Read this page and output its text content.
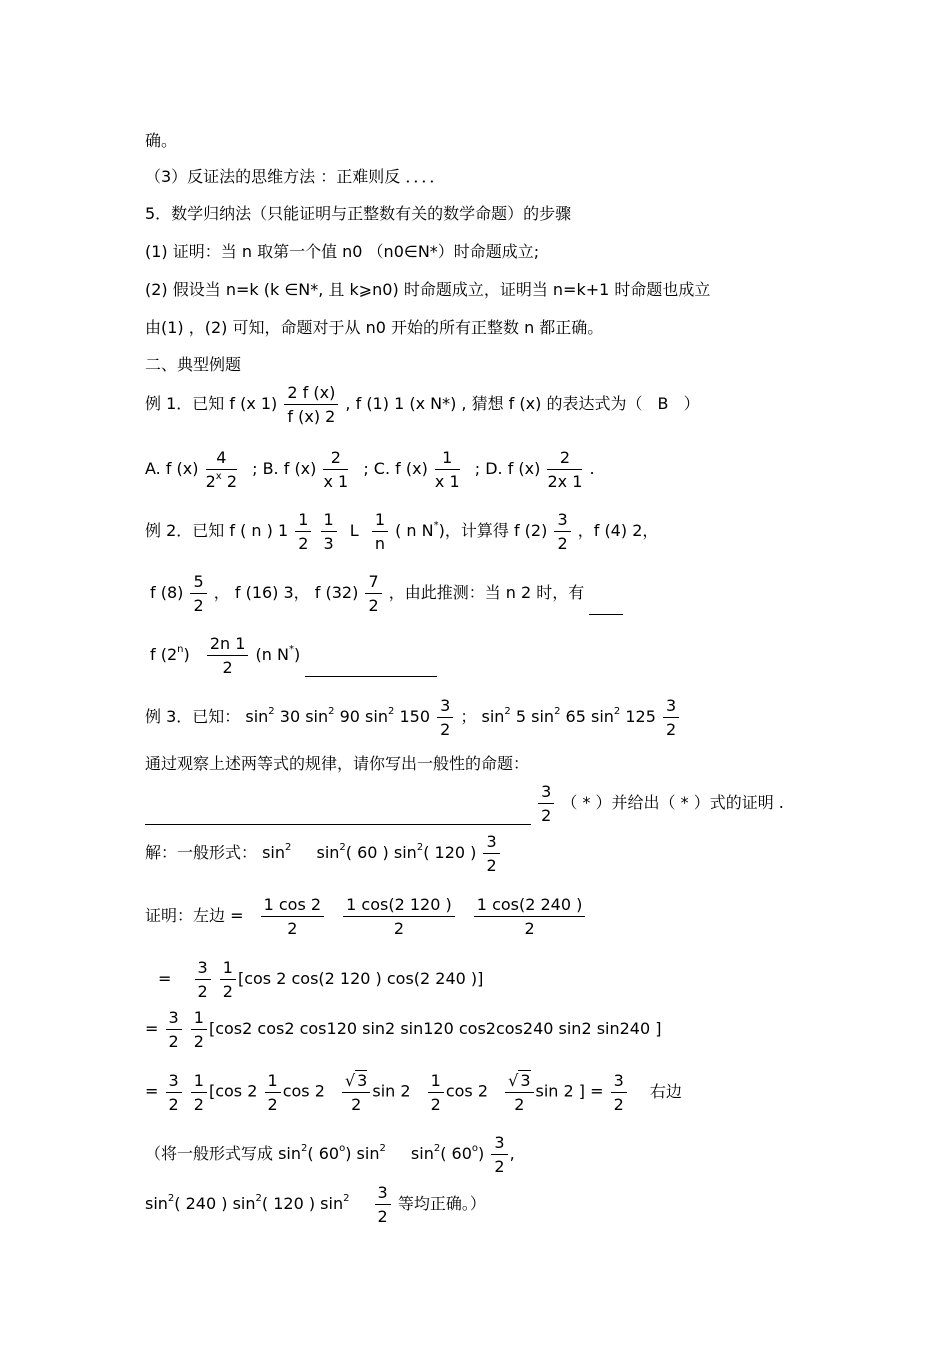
确。
（3）反证法的思维方法 ：正难则反 ．．．．
5．数学归纳法（只能证明与正整数有关的数学命题）的步骤
(1) 证明：当 n 取第一个值 n0 （n0∈N*）时命题成立;
(2) 假设当 n=k (k ∈N*, 且 k⩾n0) 时命题成立，证明当 n=k+1 时命题也成立
由(1) ，(2) 可知，命题对于从 n0 开始的所有正整数 n 都正确。
二、典型例题
例 1．已知 f (x $1) \frac{2 f (x)}{f (x) 2}$ , f (1) 1 (x N*) , 猜想 f (x) 的表达式为（ B ）
A. f $(x) \frac{4}{2^x 2}$ ; B. f $(x) \frac{2}{x 1}$ ; C. f $(x) \frac{1}{x 1}$ ; D. f $(x) \frac{2}{2x 1}$ .
例 2．已知 f ( n ) $1 \frac{1}{2}$
$\frac{1}{3}$ L $\frac{1}{n}$ ( n N*)，计算得 f $(2) \frac{3}{2}$ ，f (4) 2，
f $(8) \frac{5}{2}$ ， f (16) 3， f $(32) \frac{7}{2}$ ，由此推测：当 n 2 时，有
f $(2^n) \frac{2n 1}{2} (n$ N*)
例 3．已知： $\sin^2 30$ $\sin^2 90$ $\sin^2 150 \frac{3}{2}$ ； $\sin^2 5$ $\sin^2 65$ $\sin^2 125 \frac{3}{2}$
通过观察上述两等式的规律，请你写出一般性的命题：

$\frac{3}{2}$ （ * ）并给出（ * ）式的证明 .
解：一般形式： $\sin^2 \sin^2$( 60 ) $\sin^2$( 120 ) $\frac{3}{2}$
证明：左边 = $\frac{1 \cos 2}{2}$
$\frac{1 \cos(2 120 )}{2}$
$\frac{1 \cos(2 240 )}{2}$
= $\frac{3}{2}$
$\frac{1}{2} [\cos$ 2 cos(2 120 ) cos(2 240 )]
= $\frac{3}{2}$
$\frac{1}{2} [\cos 2$ cos2 cos120 sin2 sin120 cos2cos240 sin2 sin240 ]
= $\frac{3}{2}$
$\frac{1}{2} [\cos$ $2 \frac{1}{2}$ $\cos 2 \frac{√ 3}{2}$ $\sin 2 \frac{1}{2}$ $\cos 2 \frac{√ 3}{2}$ sin 2 ] = $\frac{3}{2}$ 右边
（将一般形式写成 $\sin^2$( 60$^o$) $\sin^2 \sin^2$( $60^o) \frac{3}{2}$ ,
$\sin^2$( 240 ) $\sin^2$( 120 ) $\sin^2 \frac{3}{2}$ 等均正确。）
